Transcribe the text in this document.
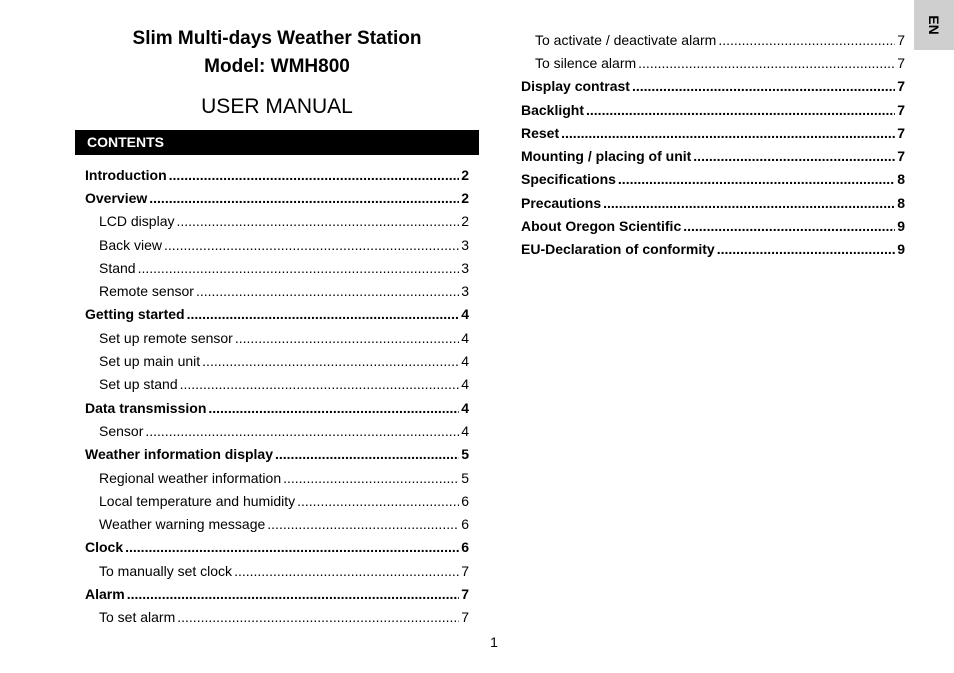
Slim Multi-days Weather Station
Model: WMH800
USER MANUAL
CONTENTS
Introduction .....	2
Overview .....	2
LCD display .....	2
Back view .....	3
Stand .....	3
Remote sensor .....	3
Getting started .....	4
Set up remote sensor .....	4
Set up main unit .....	4
Set up stand .....	4
Data transmission .....	4
Sensor .....	4
Weather information display .....	5
Regional weather information .....	5
Local temperature and humidity .....	6
Weather warning message .....	6
Clock .....	6
To manually set clock .....	7
Alarm .....	7
To set alarm .....	7
To activate / deactivate alarm .....	7
To silence alarm .....	7
Display contrast .....	7
Backlight .....	7
Reset .....	7
Mounting / placing of unit .....	7
Specifications .....	8
Precautions .....	8
About Oregon Scientific .....	9
EU-Declaration of conformity .....	9
1
EN
